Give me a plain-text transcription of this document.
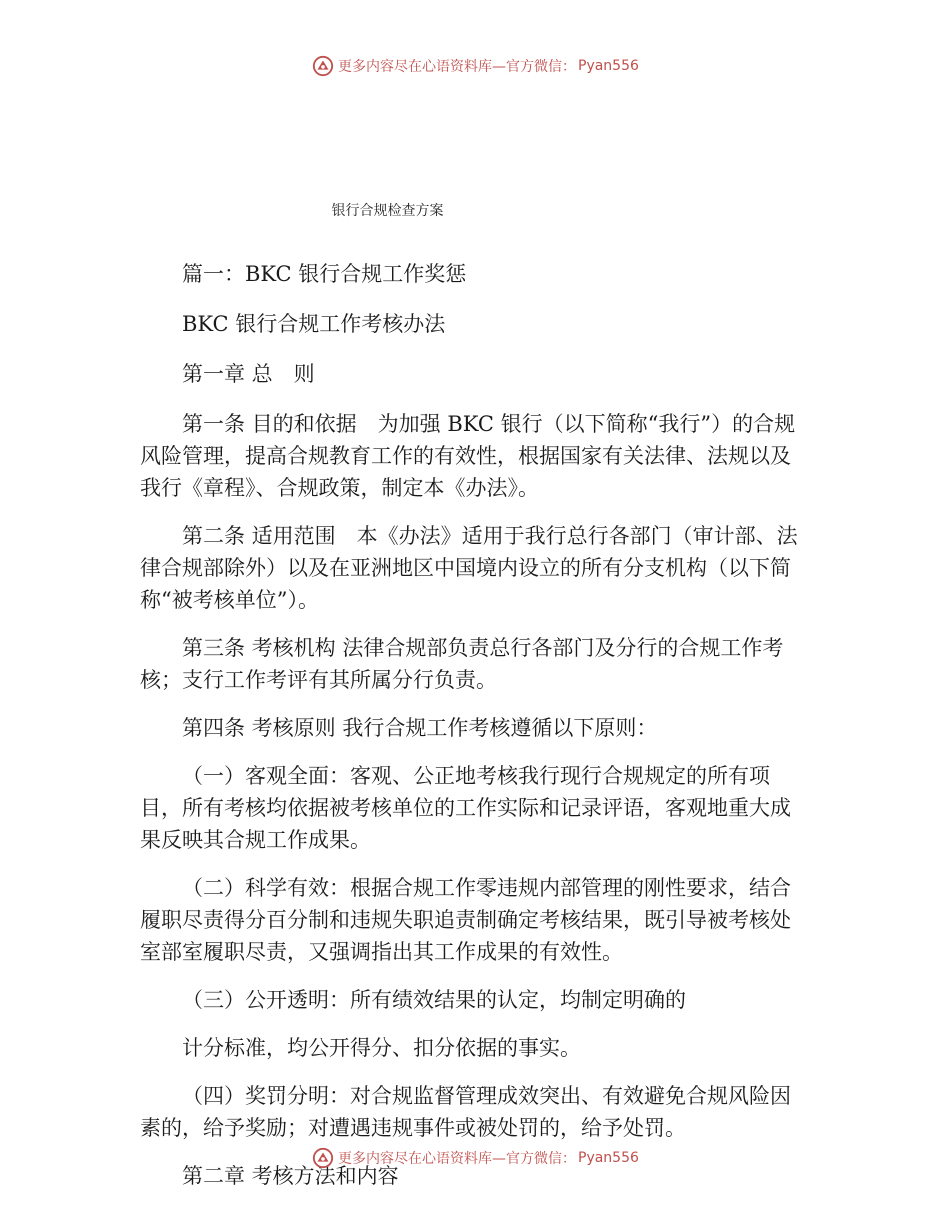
更多内容尽在心语资料库—官方微信： Pyan556
银行合规检查方案

篇一：BKC 银行合规工作奖惩

BKC 银行合规工作考核办法

第一章 总　则

第一条 目的和依据　为加强 BKC 银行（以下简称“我行”）的合规风险管理，提高合规教育工作的有效性，根据国家有关法律、法规以及我行《章程》、合规政策，制定本《办法》。

第二条 适用范围　本《办法》适用于我行总行各部门（审计部、法律合规部除外）以及在亚洲地区中国境内设立的所有分支机构（以下简称“被考核单位”）。

第三条 考核机构 法律合规部负责总行各部门及分行的合规工作考核；支行工作考评有其所属分行负责。

第四条 考核原则 我行合规工作考核遵循以下原则：

（一）客观全面：客观、公正地考核我行现行合规规定的所有项目，所有考核均依据被考核单位的工作实际和记录评语，客观地重大成果反映其合规工作成果。

（二）科学有效：根据合规工作零违规内部管理的刚性要求，结合履职尽责得分百分制和违规失职追责制确定考核结果，既引导被考核处室部室履职尽责，又强调指出其工作成果的有效性。

（三）公开透明：所有绩效结果的认定，均制定明确的

计分标准，均公开得分、扣分依据的事实。

（四）奖罚分明：对合规监督管理成效突出、有效避免合规风险因素的，给予奖励；对遭遇违规事件或被处罚的，给予处罚。

第二章 考核方法和内容

更多内容尽在心语资料库—官方微信： Pyan556
